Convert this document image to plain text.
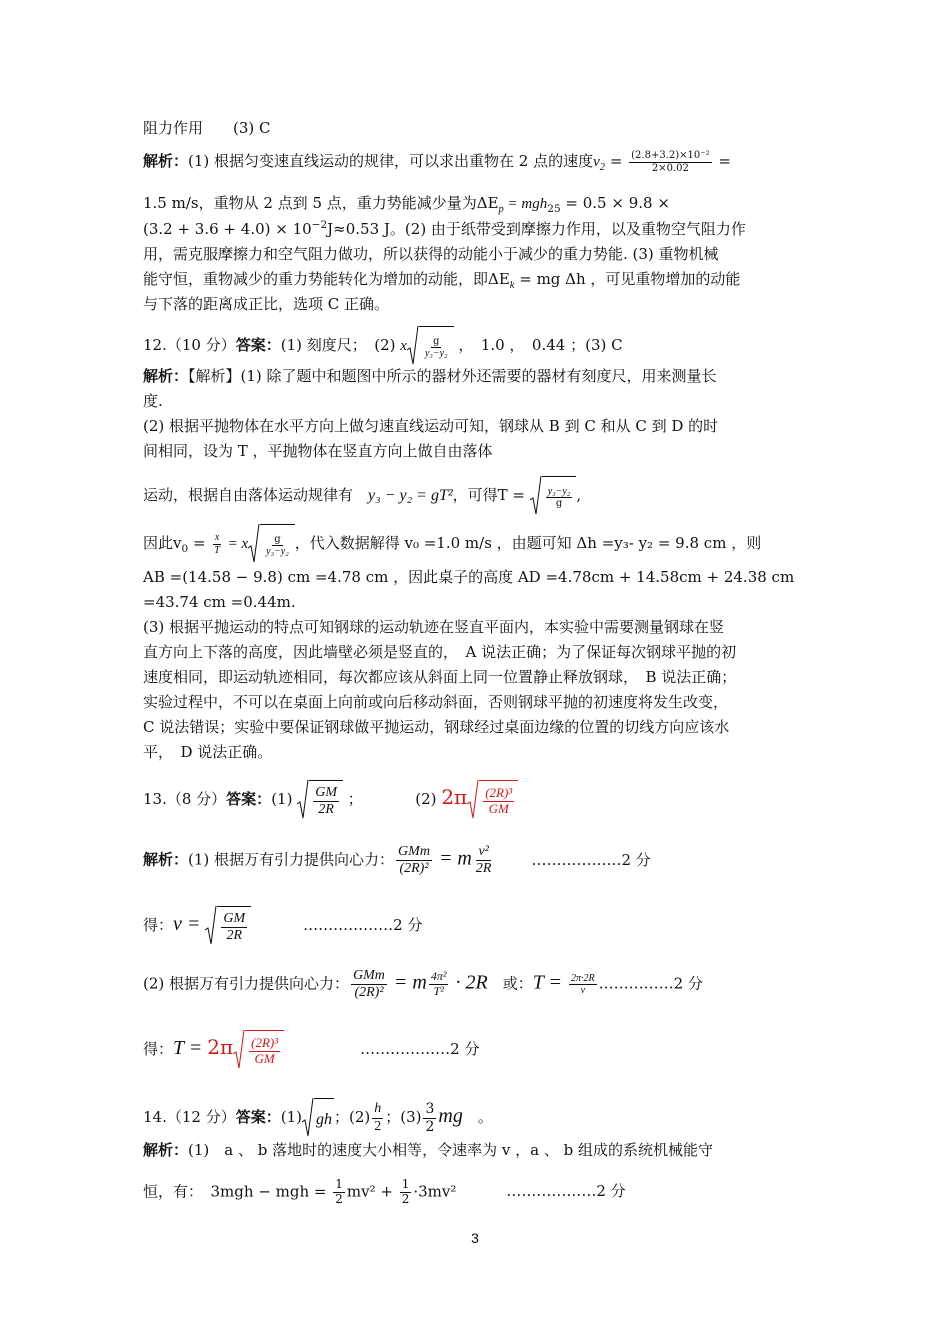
阻力作用　　(3) C
解析：(1) 根据匀变速直线运动的规律，可以求出重物在 2 点的速度$v_2 = \frac{\text{(2.8+3.2)×10⁻²}}{2\times 0.02}$ =
1.5 m/s，重物从 2 点到 5 点，重力势能减少量为$\Delta E_p = mgh_{25} = 0.5 \times 9.8$ ×
$(3.2 + 3.6 + 4.0) \times 10^{-2}J\approx 0.53$ J。(2) 由于纸带受到摩擦力作用，以及重物空气阻力作
用，需克服摩擦力和空气阻力做功，所以获得的动能小于减少的重力势能. (3) 重物机械
能守恒，重物减少的重力势能转化为增加的动能，即$\Delta E_k$ = mg Δh ，可见重物增加的动能
与下落的距离成正比，选项 C 正确。
12.（10 分）答案：(1) 刻度尺；　(2) x $\frac{g}{\text{y₃−y₂}}$ ，　1.0 ，　0.44 ；(3) C
解析：【解析】(1) 除了题中和题图中所示的器材外还需要的器材有刻度尺，用来测量长
度.
(2) 根据平抛物体在水平方向上做匀速直线运动可知，钢球从 B 到 C 和从 C 到 D 的时
间相同，设为 T ，平抛物体在竖直方向上做自由落体
运动，根据自由落体运动规律有　y₃ − y₂ = gT²，可得$T = \frac{\text{y₃−y₂}}{g}$ ,
因此$v_0 = \frac{x}{T} = x \frac{g}{\text{y₃−y₂}}$ ，代入数据解得 v₀ =1.0 m/s ，由题可知 Δh =y₃- y₂ = 9.8 cm ，则
AB =(14.58 − 9.8) cm =4.78 cm ，因此桌子的高度 AD =4.78cm + 14.58cm + 24.38 cm
=43.74 cm =0.44m.
(3) 根据平抛运动的特点可知钢球的运动轨迹在竖直平面内，本实验中需要测量钢球在竖
直方向上下落的高度，因此墙壁必须是竖直的，　A 说法正确；为了保证每次钢球平抛的初
速度相同，即运动轨迹相同，每次都应该从斜面上同一位置静止释放钢球，　B 说法正确；
实验过程中，不可以在桌面上向前或向后移动斜面，否则钢球平抛的初速度将发生改变，
C 说法错误；实验中要保证钢球做平抛运动，钢球经过桌面边缘的位置的切线方向应该水
平，　D 说法正确。
13.（8 分）答案：$(1) \frac{GM}{2R}$ ；　　　　(2) $2\pi \frac{\text{(2R)³}}{GM}$
解析：(1) 根据万有引力提供向心力： $\frac{\text{GMm}}{\text{(2R)²}} = m \frac{\text{v²}}{2R}$	………………2 分
得：$v = \frac{GM}{2R}$	………………2 分
(2) 根据万有引力提供向心力： $\frac{\text{GMm}}{\text{(2R)²}} = m \frac{\text{4π²}}{\text{T²}} \cdot 2R$　或：$T = \frac{2\pi\cdot 2R}{v}$ ……………2 分
得：$T = 2\pi \frac{\text{(2R)³}}{GM}$	………………2 分
14.（12 分）答案：(1) gh ；$(2) \frac{h}{2}$ ；$(3) \frac{3}{2}$ mg　。
解析：(1)　a 、 b 落地时的速度大小相等，令速率为 v ，a 、 b 组成的系统机械能守
恒，有：　3mgh − mgh = $\frac{1}{2} mv^2 + \frac{1}{2} \cdot 3mv^2$	………………2 分
3
